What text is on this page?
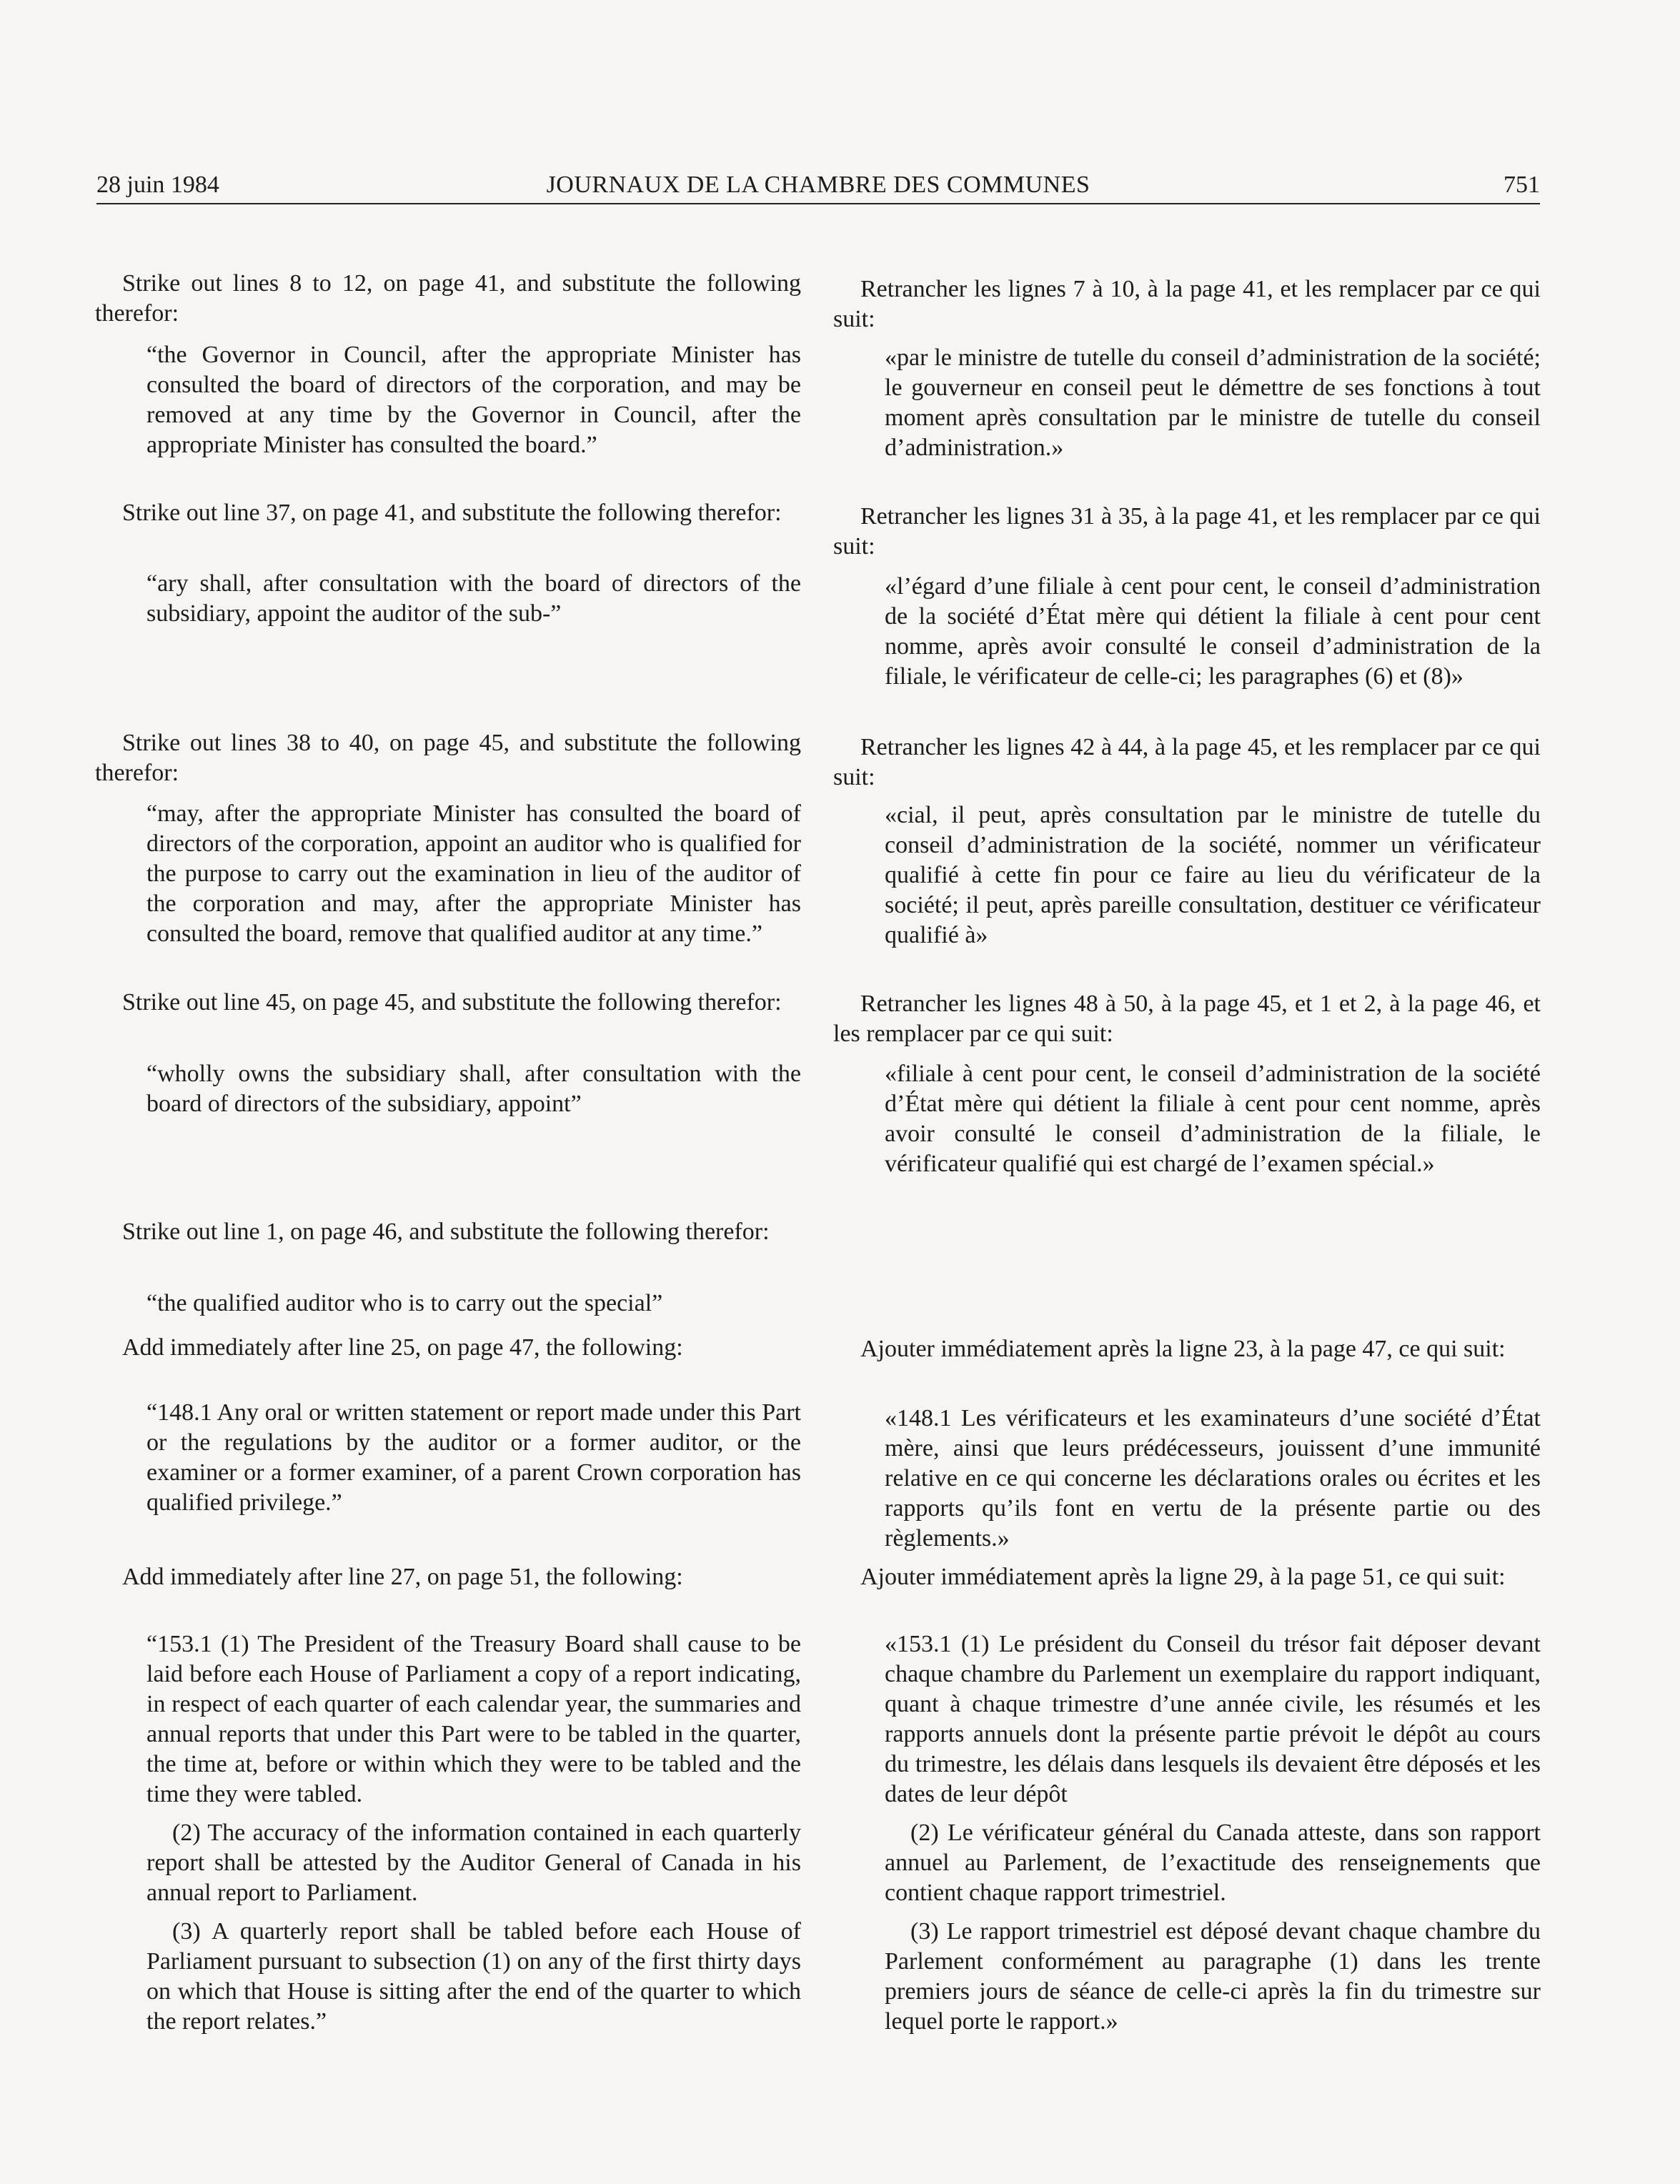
28 juin 1984	JOURNAUX DE LA CHAMBRE DES COMMUNES	751
Strike out lines 8 to 12, on page 41, and substitute the following therefor:

“the Governor in Council, after the appropriate Minister has consulted the board of directors of the corporation, and may be removed at any time by the Governor in Council, after the appropriate Minister has consulted the board.”

Strike out line 37, on page 41, and substitute the following therefor:

“ary shall, after consultation with the board of directors of the subsidiary, appoint the auditor of the sub-”

Strike out lines 38 to 40, on page 45, and substitute the following therefor:

“may, after the appropriate Minister has consulted the board of directors of the corporation, appoint an auditor who is qualified for the purpose to carry out the examination in lieu of the auditor of the corporation and may, after the appropriate Minister has consulted the board, remove that qualified auditor at any time.”

Strike out line 45, on page 45, and substitute the following therefor:

“wholly owns the subsidiary shall, after consultation with the board of directors of the subsidiary, appoint”

Strike out line 1, on page 46, and substitute the following therefor:

“the qualified auditor who is to carry out the special”

Add immediately after line 25, on page 47, the following:

“148.1 Any oral or written statement or report made under this Part or the regulations by the auditor or a former auditor, or the examiner or a former examiner, of a parent Crown corporation has qualified privilege.”

Add immediately after line 27, on page 51, the following:

“153.1 (1) The President of the Treasury Board shall cause to be laid before each House of Parliament a copy of a report indicating, in respect of each quarter of each calendar year, the summaries and annual reports that under this Part were to be tabled in the quarter, the time at, before or within which they were to be tabled and the time they were tabled.

(2) The accuracy of the information contained in each quarterly report shall be attested by the Auditor General of Canada in his annual report to Parliament.

(3) A quarterly report shall be tabled before each House of Parliament pursuant to subsection (1) on any of the first thirty days on which that House is sitting after the end of the quarter to which the report relates.”

Retrancher les lignes 7 à 10, à la page 41, et les remplacer par ce qui suit:

«par le ministre de tutelle du conseil d’administration de la société; le gouverneur en conseil peut le démettre de ses fonctions à tout moment après consultation par le ministre de tutelle du conseil d’administration.»

Retrancher les lignes 31 à 35, à la page 41, et les remplacer par ce qui suit:

«l’égard d’une filiale à cent pour cent, le conseil d’administration de la société d’État mère qui détient la filiale à cent pour cent nomme, après avoir consulté le conseil d’administration de la filiale, le vérificateur de celle-ci; les paragraphes (6) et (8)»

Retrancher les lignes 42 à 44, à la page 45, et les remplacer par ce qui suit:

«cial, il peut, après consultation par le ministre de tutelle du conseil d’administration de la société, nommer un vérificateur qualifié à cette fin pour ce faire au lieu du vérificateur de la société; il peut, après pareille consultation, destituer ce vérificateur qualifié à»

Retrancher les lignes 48 à 50, à la page 45, et 1 et 2, à la page 46, et les remplacer par ce qui suit:

«filiale à cent pour cent, le conseil d’administration de la société d’État mère qui détient la filiale à cent pour cent nomme, après avoir consulté le conseil d’administration de la filiale, le vérificateur qualifié qui est chargé de l’examen spécial.»

Ajouter immédiatement après la ligne 23, à la page 47, ce qui suit:

«148.1 Les vérificateurs et les examinateurs d’une société d’État mère, ainsi que leurs prédécesseurs, jouissent d’une immunité relative en ce qui concerne les déclarations orales ou écrites et les rapports qu’ils font en vertu de la présente partie ou des règlements.»

Ajouter immédiatement après la ligne 29, à la page 51, ce qui suit:

«153.1 (1) Le président du Conseil du trésor fait déposer devant chaque chambre du Parlement un exemplaire du rapport indiquant, quant à chaque trimestre d’une année civile, les résumés et les rapports annuels dont la présente partie prévoit le dépôt au cours du trimestre, les délais dans lesquels ils devaient être déposés et les dates de leur dépôt

(2) Le vérificateur général du Canada atteste, dans son rapport annuel au Parlement, de l’exactitude des renseignements que contient chaque rapport trimestriel.

(3) Le rapport trimestriel est déposé devant chaque chambre du Parlement conformément au paragraphe (1) dans les trente premiers jours de séance de celle-ci après la fin du trimestre sur lequel porte le rapport.»
